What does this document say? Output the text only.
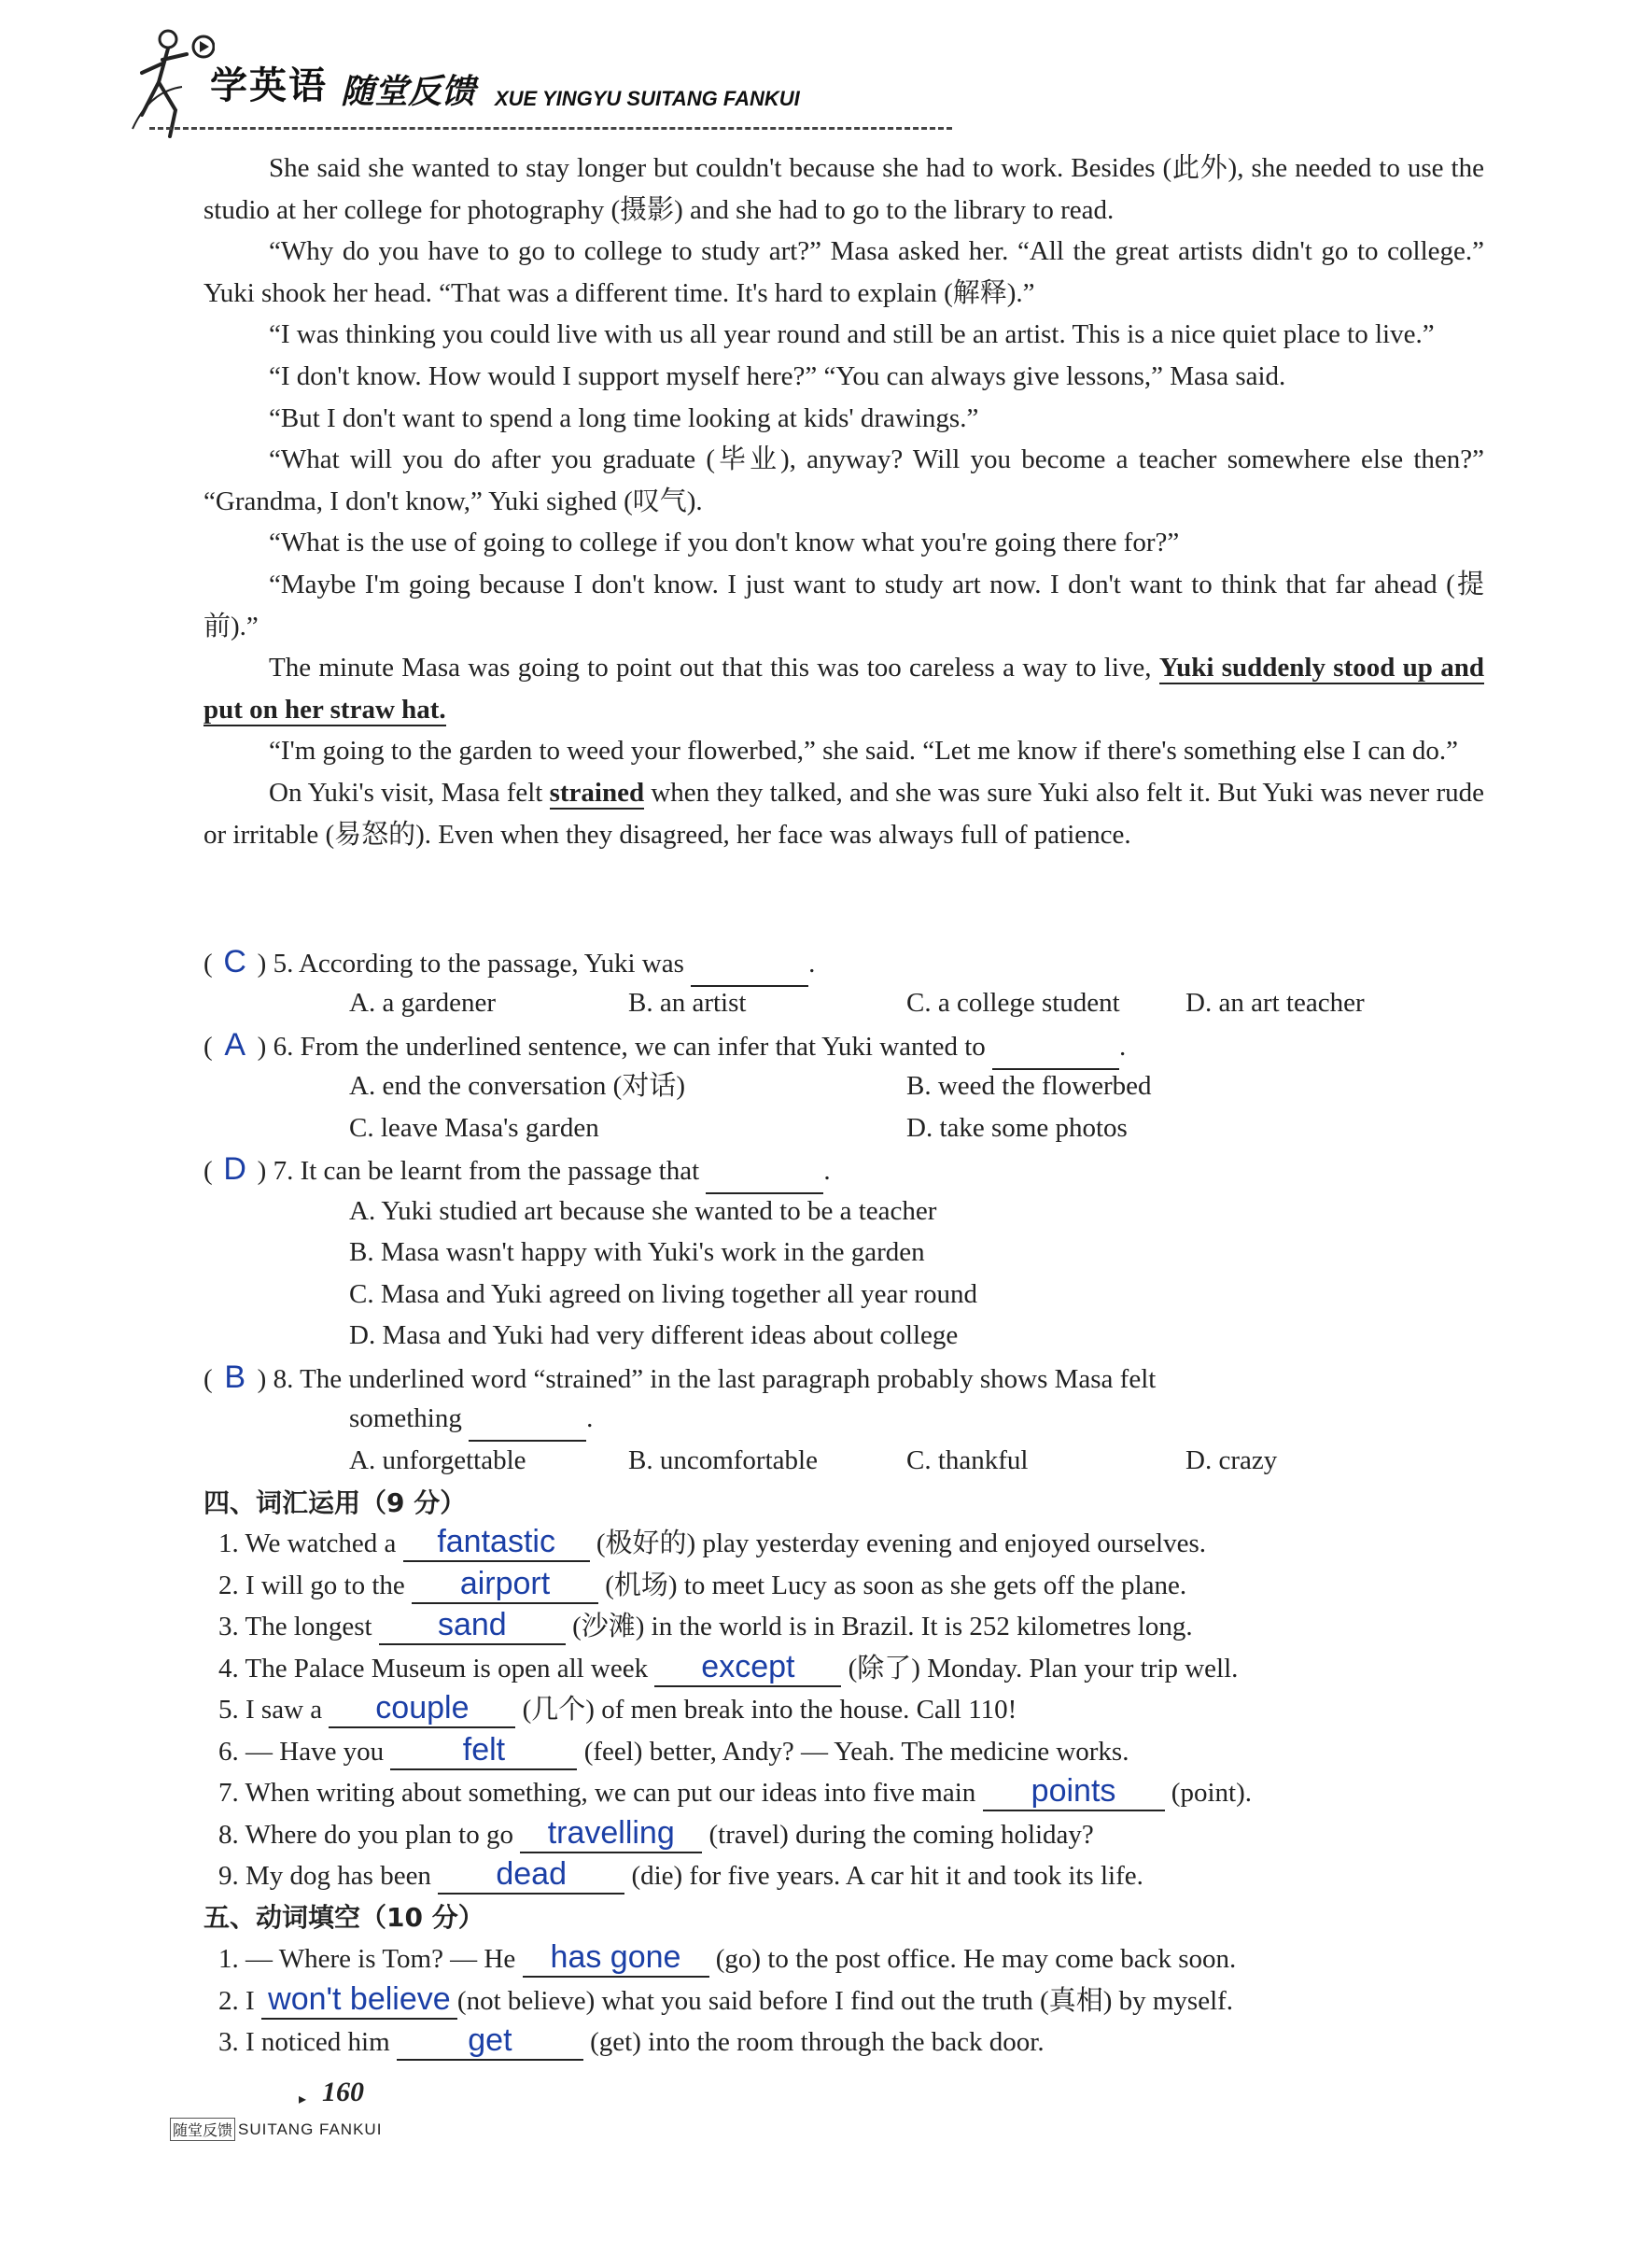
学英语 随堂反馈 XUE YINGYU SUITANG FANKUI

She said she wanted to stay longer but couldn't because she had to work. Besides (此外), she needed to use the studio at her college for photography (摄影) and she had to go to the library to read.

“Why do you have to go to college to study art?” Masa asked her. “All the great artists didn't go to college.” Yuki shook her head. “That was a different time. It's hard to explain (解释).”

“I was thinking you could live with us all year round and still be an artist. This is a nice quiet place to live.”

“I don't know. How would I support myself here?” “You can always give lessons,” Masa said.

“But I don't want to spend a long time looking at kids' drawings.”

“What will you do after you graduate (毕业), anyway? Will you become a teacher somewhere else then?” “Grandma, I don't know,” Yuki sighed (叹气).

“What is the use of going to college if you don't know what you're going there for?”

“Maybe I'm going because I don't know. I just want to study art now. I don't want to think that far ahead (提前).”

The minute Masa was going to point out that this was too careless a way to live, Yuki suddenly stood up and put on her straw hat.

“I'm going to the garden to weed your flowerbed,” she said. “Let me know if there's something else I can do.”

On Yuki's visit, Masa felt strained when they talked, and she was sure Yuki also felt it. But Yuki was never rude or irritable (易怒的). Even when they disagreed, her face was always full of patience.

( C ) 5. According to the passage, Yuki was	.
A. a gardener	B. an artist	C. a college student D. an art teacher
( A ) 6. From the underlined sentence, we can infer that Yuki wanted to	.
A. end the conversation (对话)	B. weed the flowerbed
C. leave Masa's garden	D. take some photos
( D ) 7. It can be learnt from the passage that	.
A. Yuki studied art because she wanted to be a teacher
B. Masa wasn't happy with Yuki's work in the garden
C. Masa and Yuki agreed on living together all year round
D. Masa and Yuki had very different ideas about college
( B ) 8. The underlined word “strained” in the last paragraph probably shows Masa felt
something	.
A. unforgettable	B. uncomfortable	C. thankful	D. crazy
四、词汇运用（9 分）
1. We watched a fantastic (极好的) play yesterday evening and enjoyed ourselves.
2. I will go to the airport (机场) to meet Lucy as soon as she gets off the plane.
3. The longest sand (沙滩) in the world is in Brazil. It is 252 kilometres long.
4. The Palace Museum is open all week except (除了) Monday. Plan your trip well.
5. I saw a couple (几个) of men break into the house. Call 110!
6. — Have you felt	(feel) better, Andy? — Yeah. The medicine works.
7. When writing about something, we can put our ideas into five main points (point).
8. Where do you plan to go travelling (travel) during the coming holiday?
9. My dog has been dead (die) for five years. A car hit it and took its life.
五、动词填空（10 分）
1. — Where is Tom? — He has gone (go) to the post office. He may come back soon.
2. I won't believe (not believe) what you said before I find out the truth (真相) by myself.
3. I noticed him get	(get) into the room through the back door.
▸ 160
随堂反馈 SUITANG FANKUI
